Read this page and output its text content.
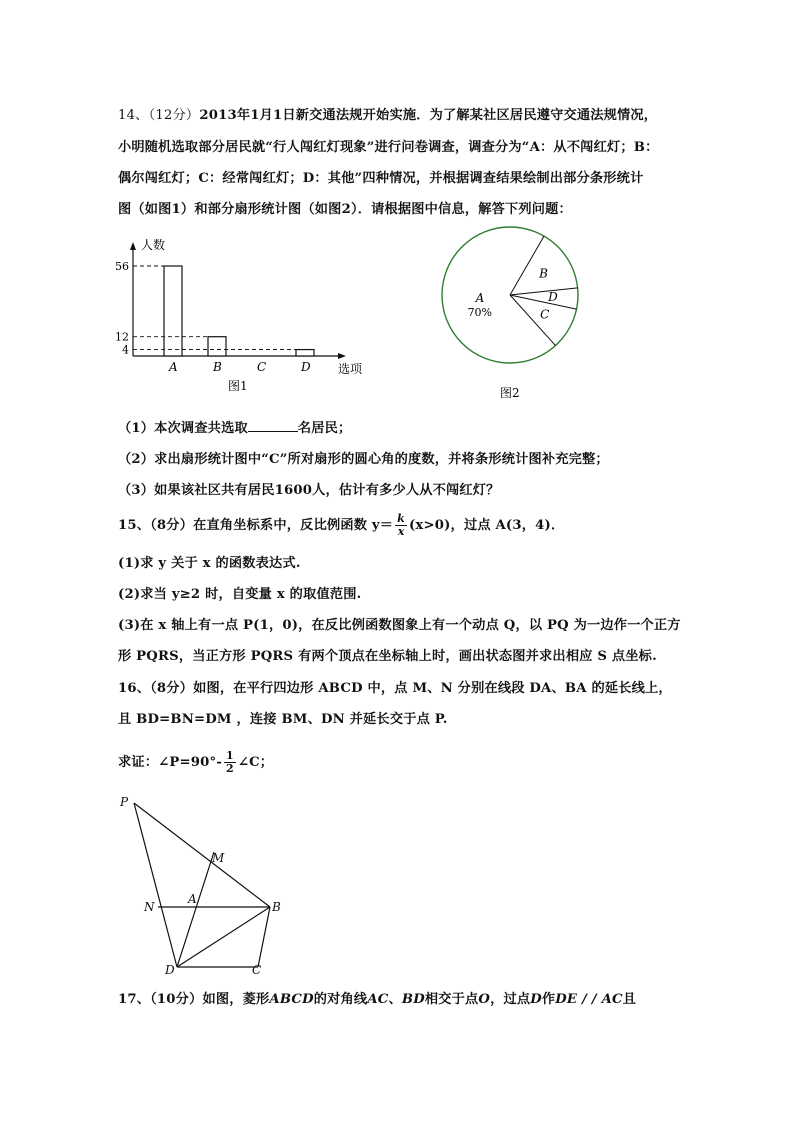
14、（12分）2013年1月1日新交通法规开始实施．为了解某社区居民遵守交通法规情况，
小明随机选取部分居民就“行人闯红灯现象”进行问卷调查，调查分为“A：从不闯红灯；B：
偶尔闯红灯；C：经常闯红灯；D：其他”四种情况，并根据调查结果绘制出部分条形统计
图（如图1）和部分扇形统计图（如图2）．请根据图中信息，解答下列问题：
人数
选项
图1
A
56
B
12
C	D
4
B
D
C
A
70%
图2
（1）本次调查共选取	名居民；
（2）求出扇形统计图中“C”所对扇形的圆心角的度数，并将条形统计图补充完整；
（3）如果该社区共有居民1600人，估计有多少人从不闯红灯？
15、（8分）在直角坐标系中，反比例函数 $y= \frac{k}{x} (x>0)$，过点 A(3，4)．
(1)求 y 关于 x 的函数表达式.
(2)求当 y≥2 时，自变量 x 的取值范围.
(3)在 x 轴上有一点 P(1，0)，在反比例函数图象上有一个动点 Q，以 PQ 为一边作一个正方
形 PQRS，当正方形 PQRS 有两个顶点在坐标轴上时，画出状态图并求出相应 S 点坐标.
16、（8分）如图，在平行四边形 ABCD 中，点 M、N 分别在线段 DA、BA 的延长线上，
且 BD=BN=DM ，连接 BM、DN 并延长交于点 P.
求证：∠P=90°- $\frac{1}{2}$ ∠C；
P
M
A
N	B
D	C
17、（10分）如图，菱形ABCD的对角线AC、BD相交于点O，过点D作DE / / AC且
